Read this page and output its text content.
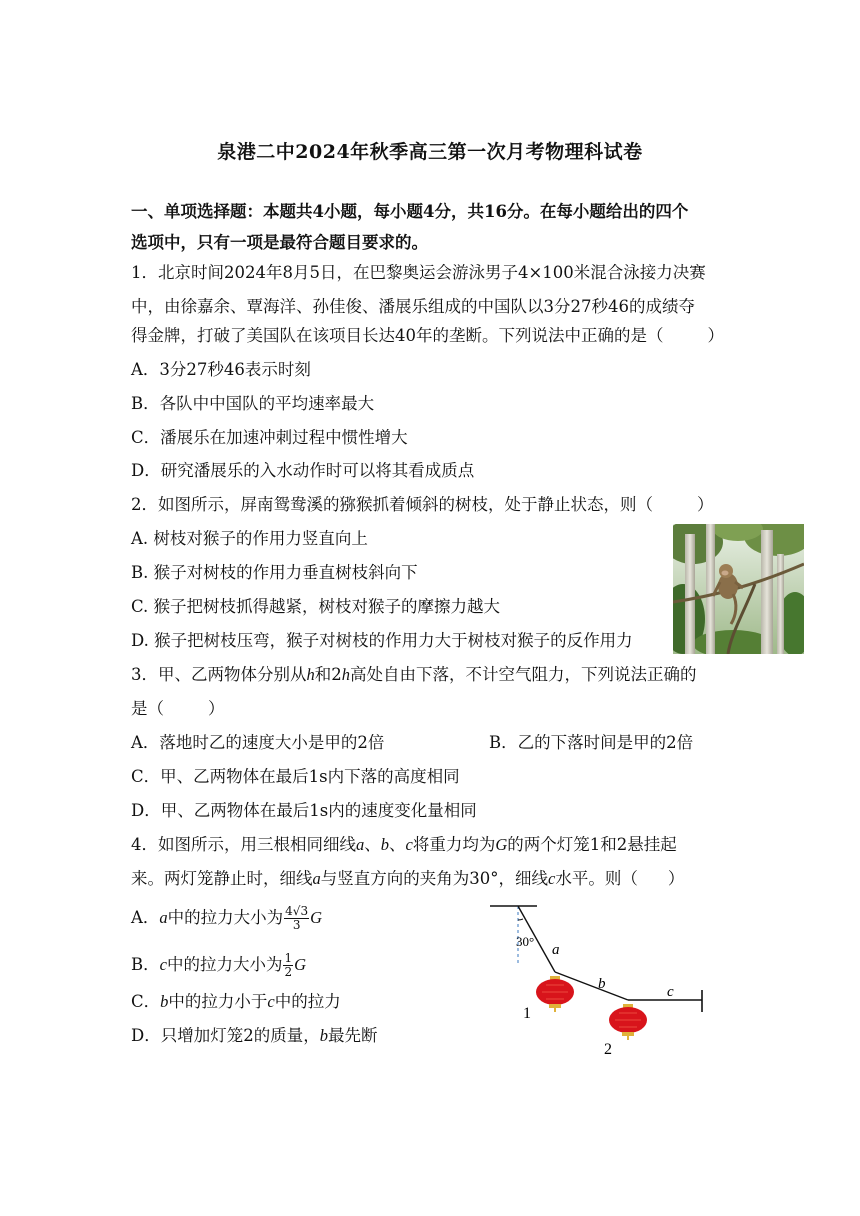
泉港二中2024年秋季高三第一次月考物理科试卷
一、单项选择题：本题共4小题，每小题4分，共16分。在每小题给出的四个
选项中，只有一项是最符合题目要求的。
1．北京时间2024年8月5日，在巴黎奥运会游泳男子4×100米混合泳接力决赛
中，由徐嘉余、覃海洋、孙佳俊、潘展乐组成的中国队以3分27秒46的成绩夺
得金牌，打破了美国队在该项目长达40年的垄断。下列说法中正确的是（	）
A．3分27秒46表示时刻
B．各队中中国队的平均速率最大
C．潘展乐在加速冲刺过程中惯性增大
D．研究潘展乐的入水动作时可以将其看成质点
2．如图所示，屏南鸳鸯溪的猕猴抓着倾斜的树枝，处于静止状态，则（	）
A. 树枝对猴子的作用力竖直向上
B. 猴子对树枝的作用力垂直树枝斜向下
C. 猴子把树枝抓得越紧，树枝对猴子的摩擦力越大
D. 猴子把树枝压弯，猴子对树枝的作用力大于树枝对猴子的反作用力
3．甲、乙两物体分别从h和2h高处自由下落，不计空气阻力，下列说法正确的
是（	）
A．落地时乙的速度大小是甲的2倍	B．乙的下落时间是甲的2倍
C．甲、乙两物体在最后1s内下落的高度相同
D．甲、乙两物体在最后1s内的速度变化量相同
4．如图所示，用三根相同细线a、b、c将重力均为G的两个灯笼1和2悬挂起
来。两灯笼静止时，细线a与竖直方向的夹角为30°，细线c水平。则（ ）
A．a中的拉力大小为 $\frac{4√3}{3}$ G
B．c中的拉力大小为 $\frac{1}{2}$ G
C．b中的拉力小于c中的拉力
D．只增加灯笼2的质量，b最先断
30°
a
b	c
1
2
